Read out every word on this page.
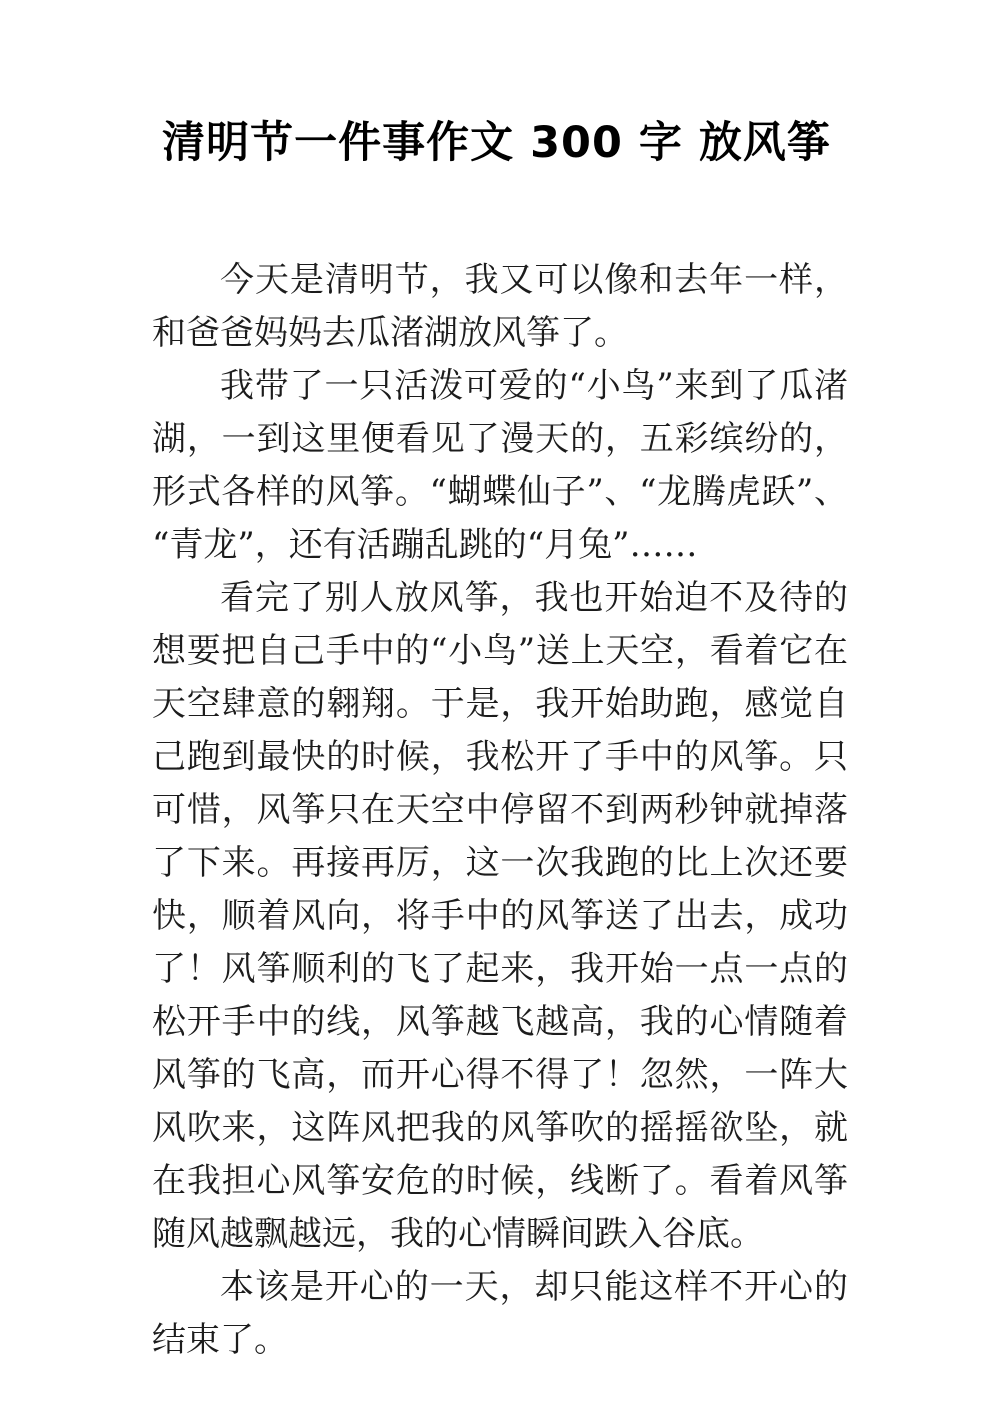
清明节一件事作文 300 字 放风筝

今天是清明节，我又可以像和去年一样，和爸爸妈妈去瓜渚湖放风筝了。

我带了一只活泼可爱的“小鸟”来到了瓜渚湖，一到这里便看见了漫天的，五彩缤纷的，形式各样的风筝。“蝴蝶仙子”、“龙腾虎跃”、“青龙”，还有活蹦乱跳的“月兔”……

看完了别人放风筝，我也开始迫不及待的想要把自己手中的“小鸟”送上天空，看着它在天空肆意的翱翔。于是，我开始助跑，感觉自己跑到最快的时候，我松开了手中的风筝。只可惜，风筝只在天空中停留不到两秒钟就掉落了下来。再接再厉，这一次我跑的比上次还要快，顺着风向，将手中的风筝送了出去，成功了！风筝顺利的飞了起来，我开始一点一点的松开手中的线，风筝越飞越高，我的心情随着风筝的飞高，而开心得不得了！忽然，一阵大风吹来，这阵风把我的风筝吹的摇摇欲坠，就在我担心风筝安危的时候，线断了。看着风筝随风越飘越远，我的心情瞬间跌入谷底。

本该是开心的一天，却只能这样不开心的结束了。
